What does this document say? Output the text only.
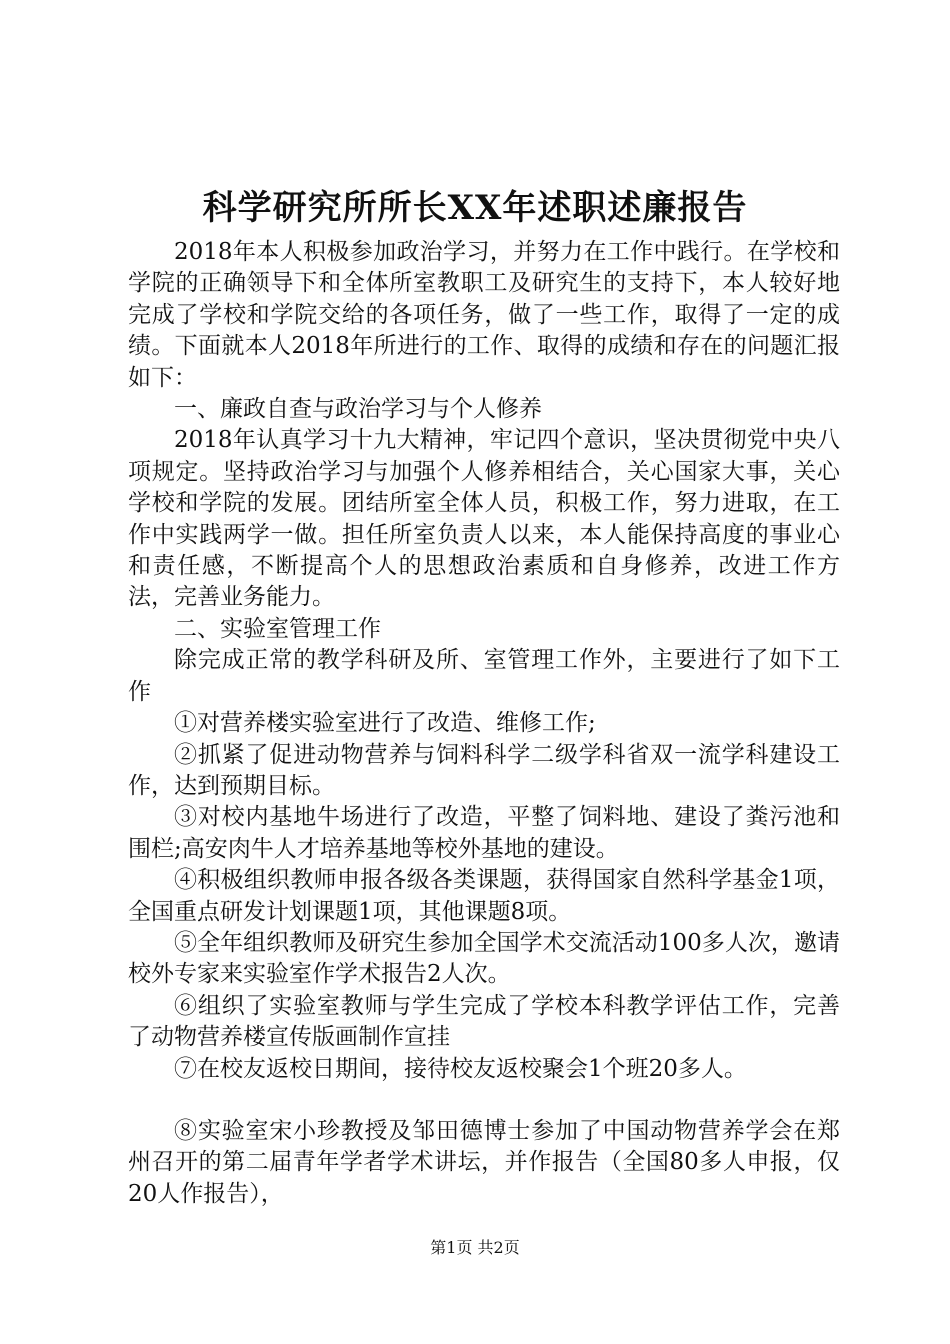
科学研究所所长XX年述职述廉报告

2018年本人积极参加政治学习，并努力在工作中践行。在学校和学院的正确领导下和全体所室教职工及研究生的支持下，本人较好地完成了学校和学院交给的各项任务，做了一些工作，取得了一定的成绩。下面就本人2018年所进行的工作、取得的成绩和存在的问题汇报如下：

一、廉政自查与政治学习与个人修养

2018年认真学习十九大精神，牢记四个意识，坚决贯彻党中央八项规定。坚持政治学习与加强个人修养相结合，关心国家大事，关心学校和学院的发展。团结所室全体人员，积极工作，努力进取，在工作中实践两学一做。担任所室负责人以来，本人能保持高度的事业心和责任感，不断提高个人的思想政治素质和自身修养，改进工作方法，完善业务能力。

二、实验室管理工作

除完成正常的教学科研及所、室管理工作外，主要进行了如下工作

①对营养楼实验室进行了改造、维修工作;

②抓紧了促进动物营养与饲料科学二级学科省双一流学科建设工作，达到预期目标。

③对校内基地牛场进行了改造，平整了饲料地、建设了粪污池和围栏;高安肉牛人才培养基地等校外基地的建设。

④积极组织教师申报各级各类课题，获得国家自然科学基金1项，全国重点研发计划课题1项，其他课题8项。

⑤全年组织教师及研究生参加全国学术交流活动100多人次，邀请校外专家来实验室作学术报告2人次。

⑥组织了实验室教师与学生完成了学校本科教学评估工作，完善了动物营养楼宣传版画制作宣挂

⑦在校友返校日期间，接待校友返校聚会1个班20多人。

⑧实验室宋小珍教授及邹田德博士参加了中国动物营养学会在郑州召开的第二届青年学者学术讲坛，并作报告（全国80多人申报，仅20人作报告），

第1页 共2页
